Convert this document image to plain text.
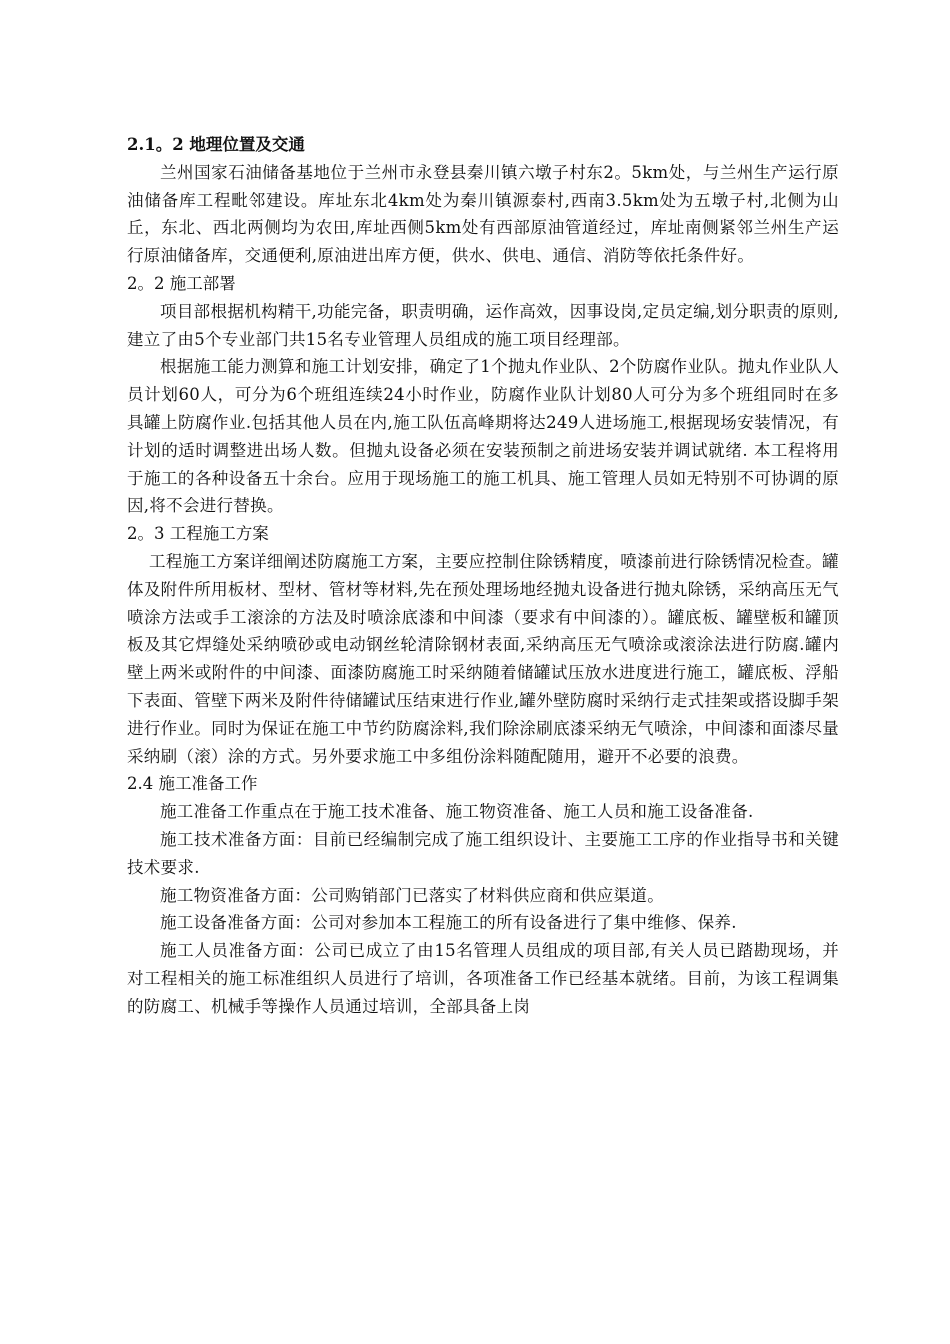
2.1。2 地理位置及交通

兰州国家石油储备基地位于兰州市永登县秦川镇六墩子村东2。5km处，与兰州生产运行原油储备库工程毗邻建设。库址东北4km处为秦川镇源泰村,西南3.5km处为五墩子村,北侧为山丘，东北、西北两侧均为农田,库址西侧5km处有西部原油管道经过，库址南侧紧邻兰州生产运行原油储备库，交通便利,原油进出库方便，供水、供电、通信、消防等依托条件好。

2。2 施工部署

项目部根据机构精干,功能完备，职责明确，运作高效，因事设岗,定员定编,划分职责的原则,建立了由5个专业部门共15名专业管理人员组成的施工项目经理部。

根据施工能力测算和施工计划安排，确定了1个抛丸作业队、2个防腐作业队。抛丸作业队人员计划60人，可分为6个班组连续24小时作业，防腐作业队计划80人可分为多个班组同时在多具罐上防腐作业.包括其他人员在内,施工队伍高峰期将达249人进场施工,根据现场安装情况，有计划的适时调整进出场人数。但抛丸设备必须在安装预制之前进场安装并调试就绪. 本工程将用于施工的各种设备五十余台。应用于现场施工的施工机具、施工管理人员如无特别不可协调的原因,将不会进行替换。

2。3 工程施工方案

工程施工方案详细阐述防腐施工方案，主要应控制住除锈精度，喷漆前进行除锈情况检查。罐体及附件所用板材、型材、管材等材料,先在预处理场地经抛丸设备进行抛丸除锈，采纳高压无气喷涂方法或手工滚涂的方法及时喷涂底漆和中间漆（要求有中间漆的）。罐底板、罐壁板和罐顶板及其它焊缝处采纳喷砂或电动钢丝轮清除钢材表面,采纳高压无气喷涂或滚涂法进行防腐.罐内壁上两米或附件的中间漆、面漆防腐施工时采纳随着储罐试压放水进度进行施工，罐底板、浮船下表面、管壁下两米及附件待储罐试压结束进行作业,罐外壁防腐时采纳行走式挂架或搭设脚手架进行作业。同时为保证在施工中节约防腐涂料,我们除涂刷底漆采纳无气喷涂，中间漆和面漆尽量采纳刷（滚）涂的方式。另外要求施工中多组份涂料随配随用，避开不必要的浪费。

2.4 施工准备工作

施工准备工作重点在于施工技术准备、施工物资准备、施工人员和施工设备准备.

施工技术准备方面：目前已经编制完成了施工组织设计、主要施工工序的作业指导书和关键技术要求.

施工物资准备方面：公司购销部门已落实了材料供应商和供应渠道。

施工设备准备方面：公司对参加本工程施工的所有设备进行了集中维修、保养.

施工人员准备方面：公司已成立了由15名管理人员组成的项目部,有关人员已踏勘现场，并对工程相关的施工标准组织人员进行了培训，各项准备工作已经基本就绪。目前，为该工程调集的防腐工、机械手等操作人员通过培训，全部具备上岗
